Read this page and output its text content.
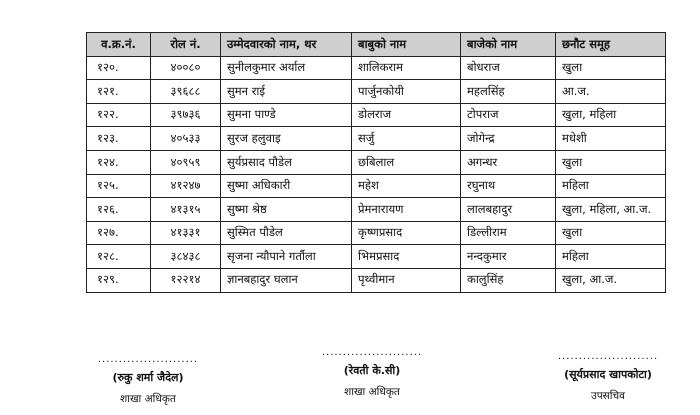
व.क्र.नं.	रोल नं.	उम्मेदवारको नाम, थर	बाबुको नाम	बाजेको नाम	छनौट समूह
१२०.	४००८०	सुनीलकुमार अर्याल	शालिकराम	बोधराज	खुला
१२१.	३९६८८	सुमन राई	पार्जुनकोयी	महलसिंह	आ.ज.
१२२.	३९७३६	सुमना पाण्डे	डोलराज	टोपराज	खुला, महिला
१२३.	४०५३३	सुरज हलुवाइ	सर्जु	जोगेन्द्र	मधेशी
१२४.	४०९५९	सुर्यप्रसाद पौडेल	छबिलाल	अगन्धर	खुला
१२५.	४१२४७	सुष्मा अधिकारी	महेश	रघुनाथ	महिला
१२६.	४१३१५	सुष्मा श्रेष्ठ	प्रेमनारायण	लालबहादुर	खुला, महिला, आ.ज.
१२७.	४१३३१	सुस्मित पौडेल	कृष्णप्रसाद	डिल्लीराम	खुला
१२८.	३८४३८	सृजना न्यौपाने गर्तौला	भिमप्रसाद	नन्दकुमार	महिला
१२९.	१२२१४	ज्ञानबहादुर घलान	पृथ्वीमान	कालुसिंह	खुला, आ.ज.
........................
(रुकु शर्मा जैदेल)
शाखा अधिकृत
........................
(रेवती के.सी)
शाखा अधिकृत
........................
(सूर्यप्रसाद खापकोटा)
उपसचिव
